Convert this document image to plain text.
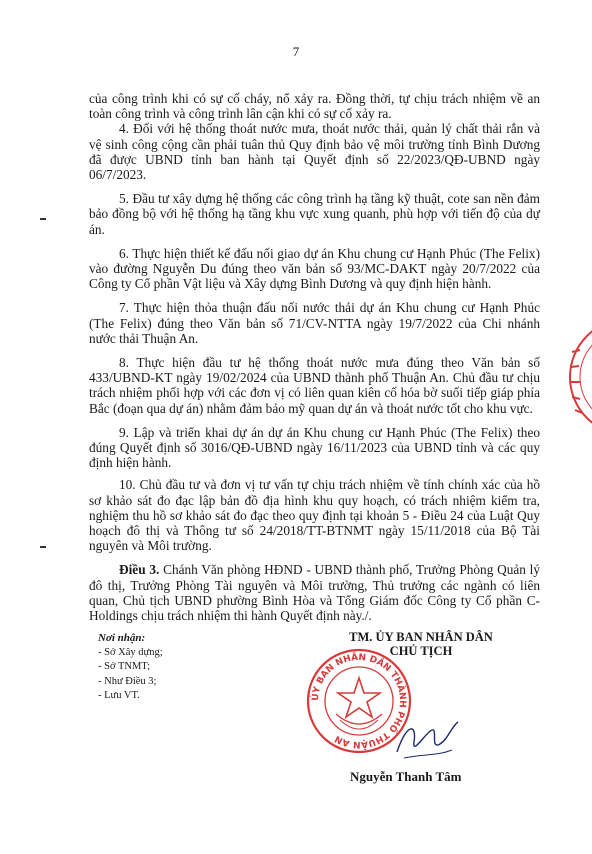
7

của công trình khi có sự cố cháy, nổ xảy ra. Đồng thời, tự chịu trách nhiệm về an toàn công trình và công trình lân cận khi có sự cố xảy ra.

4. Đối với hệ thống thoát nước mưa, thoát nước thải, quản lý chất thải rắn và vệ sinh công cộng cần phải tuân thủ Quy định bảo vệ môi trường tỉnh Bình Dương đã được UBND tỉnh ban hành tại Quyết định số 22/2023/QĐ-UBND ngày 06/7/2023.

5. Đầu tư xây dựng hệ thống các công trình hạ tầng kỹ thuật, cote san nền đảm bảo đồng bộ với hệ thống hạ tầng khu vực xung quanh, phù hợp với tiến độ của dự án.

6. Thực hiện thiết kế đấu nối giao dự án Khu chung cư Hạnh Phúc (The Felix) vào đường Nguyễn Du đúng theo văn bản số 93/MC-DAKT ngày 20/7/2022 của Công ty Cổ phần Vật liệu và Xây dựng Bình Dương và quy định hiện hành.

7. Thực hiện thỏa thuận đấu nối nước thải dự án Khu chung cư Hạnh Phúc (The Felix) đúng theo Văn bản số 71/CV-NTTA ngày 19/7/2022 của Chi nhánh nước thải Thuận An.

8. Thực hiện đầu tư hệ thống thoát nước mưa đúng theo Văn bản số 433/UBND-KT ngày 19/02/2024 của UBND thành phố Thuận An. Chủ đầu tư chịu trách nhiệm phối hợp với các đơn vị có liên quan kiên cố hóa bờ suối tiếp giáp phía Bắc (đoạn qua dự án) nhằm đảm bảo mỹ quan dự án và thoát nước tốt cho khu vực.

9. Lập và triển khai dự án dự án Khu chung cư Hạnh Phúc (The Felix) theo đúng Quyết định số 3016/QĐ-UBND ngày 16/11/2023 của UBND tỉnh và các quy định hiện hành.

10. Chủ đầu tư và đơn vị tư vấn tự chịu trách nhiệm về tính chính xác của hồ sơ khảo sát đo đạc lập bản đồ địa hình khu quy hoạch, có trách nhiệm kiểm tra, nghiệm thu hồ sơ khảo sát đo đạc theo quy định tại khoản 5 - Điều 24 của Luật Quy hoạch đô thị và Thông tư số 24/2018/TT-BTNMT ngày 15/11/2018 của Bộ Tài nguyên và Môi trường.

Điều 3. Chánh Văn phòng HĐND - UBND thành phố, Trưởng Phòng Quản lý đô thị, Trưởng Phòng Tài nguyên và Môi trường, Thủ trưởng các ngành có liên quan, Chủ tịch UBND phường Bình Hòa và Tổng Giám đốc Công ty Cổ phần C-Holdings chịu trách nhiệm thi hành Quyết định này./.

Nơi nhận:
- Sở Xây dựng;
- Sở TNMT;
- Như Điều 3;
- Lưu VT.
TM. ỦY BAN NHÂN DÂN
CHỦ TỊCH
ỦY BAN NHÂN DÂN THÀNH PHỐ THUẬN AN
Nguyễn Thanh Tâm
